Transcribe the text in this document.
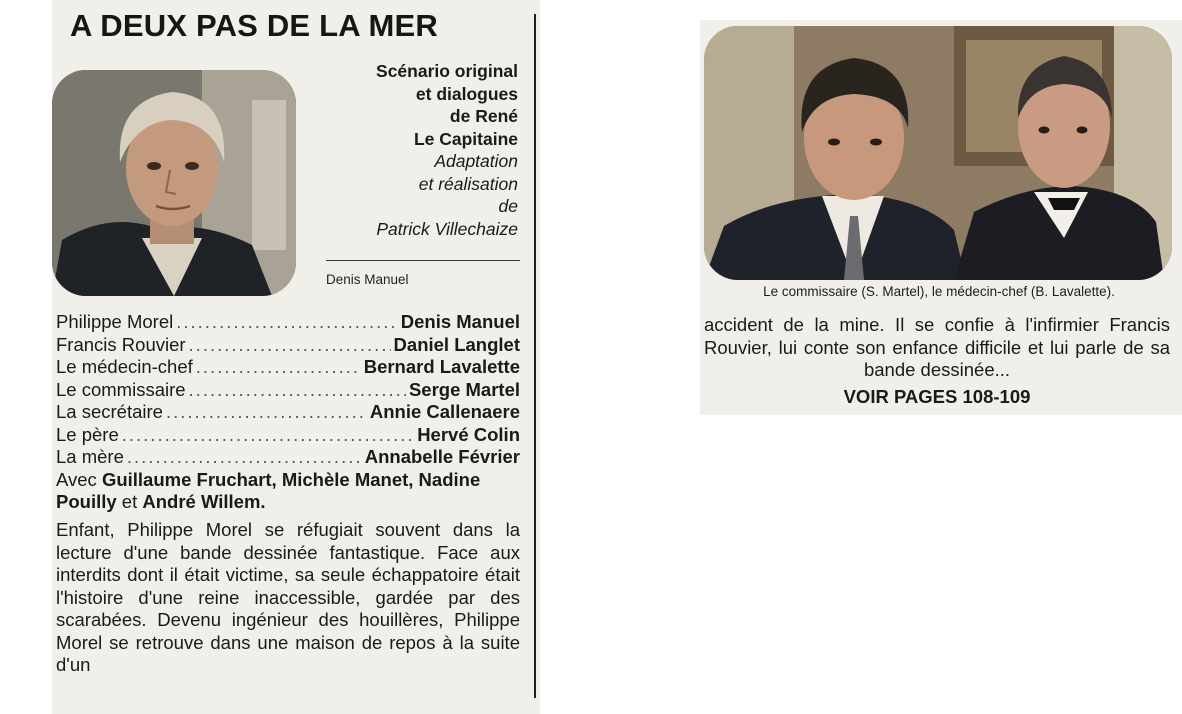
A DEUX PAS DE LA MER
Scénario original
et dialogues
de René
Le Capitaine
Adaptation
et réalisation
de
Patrick Villechaize
Denis Manuel
Philippe Morel .....	Denis Manuel
Francis Rouvier .....	Daniel Langlet
Le médecin-chef .....	Bernard Lavalette
Le commissaire .....	Serge Martel
La secrétaire .....	Annie Callenaere
Le père .....	Hervé Colin
La mère .....	Annabelle Février
Avec Guillaume Fruchart, Michèle Manet, Nadine Pouilly et André Willem.

Enfant, Philippe Morel se réfugiait souvent dans la lecture d'une bande dessinée fantastique. Face aux interdits dont il était victime, sa seule échappatoire était l'histoire d'une reine inaccessible, gardée par des scarabées. Devenu ingénieur des houillères, Philippe Morel se retrouve dans une maison de repos à la suite d'un

Le commissaire (S. Martel), le médecin-chef (B. Lavalette).

accident de la mine. Il se confie à l'infirmier Francis Rouvier, lui conte son enfance difficile et lui parle de sa bande dessinée...

VOIR PAGES 108-109
